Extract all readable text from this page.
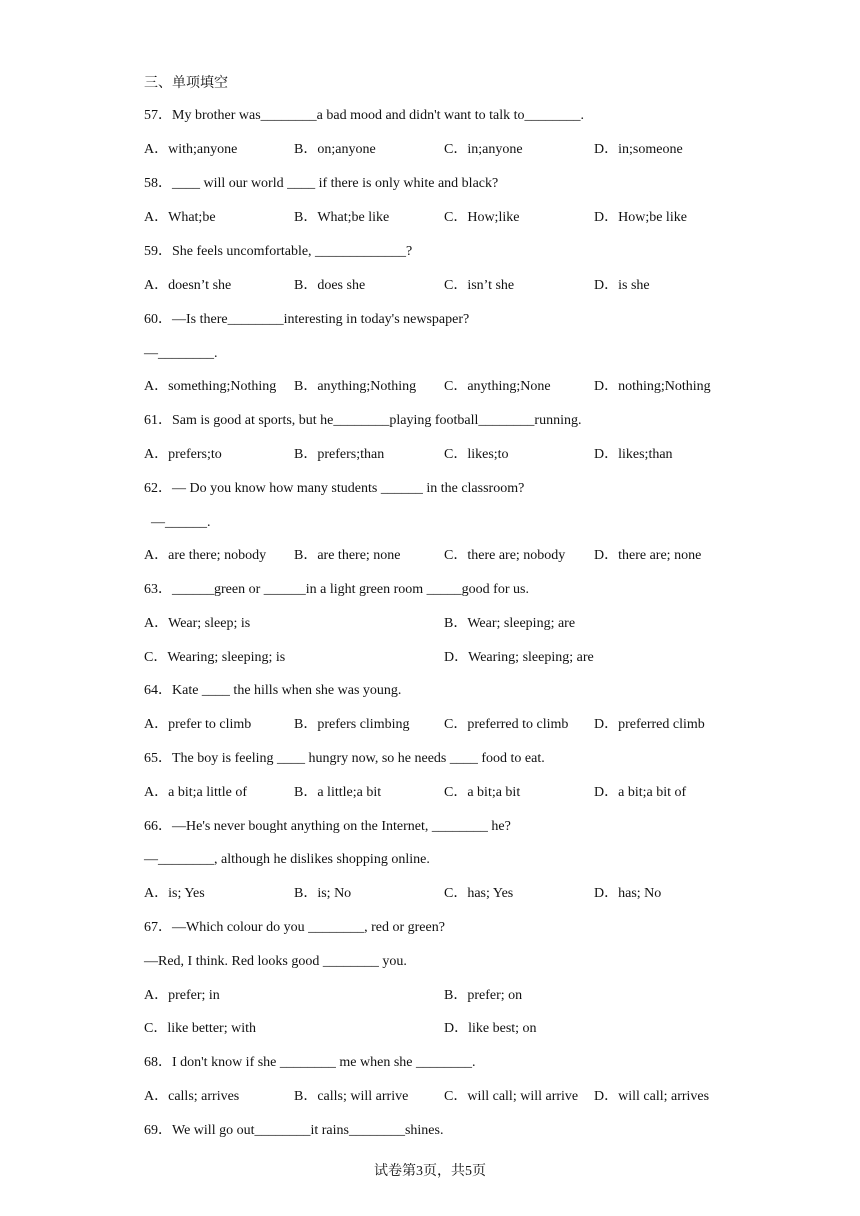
三、单项填空
57．My brother was________a bad mood and didn't want to talk to________.
A．with;anyone	B．on;anyone	C．in;anyone	D．in;someone
58．____ will our world ____ if there is only white and black?
A．What;be	B．What;be like	C．How;like	D．How;be like
59．She feels uncomfortable, _____________?
A．doesn’t she	B．does she	C．isn’t she	D．is she
60．—Is there________interesting in today's newspaper?
—________.
A．something;Nothing B．anything;Nothing C．anything;None	D．nothing;Nothing
61．Sam is good at sports, but he________playing football________running.
A．prefers;to	B．prefers;than	C．likes;to	D．likes;than
62．— Do you know how many students ______ in the classroom?
—______.
A．are there; nobody B．are there; none	C．there are; nobody D．there are; none
63．______green or ______in a light green room _____good for us.
A．Wear; sleep; is	B．Wear; sleeping; are
C．Wearing; sleeping; is	D．Wearing; sleeping; are
64．Kate ____ the hills when she was young.
A．prefer to climb	B．prefers climbing C．preferred to climb D．preferred climb
65．The boy is feeling ____ hungry now, so he needs ____ food to eat.
A．a bit;a little of	B．a little;a bit	C．a bit;a bit	D．a bit;a bit of
66．—He's never bought anything on the Internet, ________ he?
—________, although he dislikes shopping online.
A．is; Yes	B．is; No	C．has; Yes	D．has; No
67．—Which colour do you ________, red or green?
—Red, I think. Red looks good ________ you.
A．prefer; in	B．prefer; on
C．like better; with	D．like best; on
68．I don't know if she ________ me when she ________.
A．calls; arrives	B．calls; will arrive	C．will call; will arrive D．will call; arrives
69．We will go out________it rains________shines.
试卷第3页，共5页
